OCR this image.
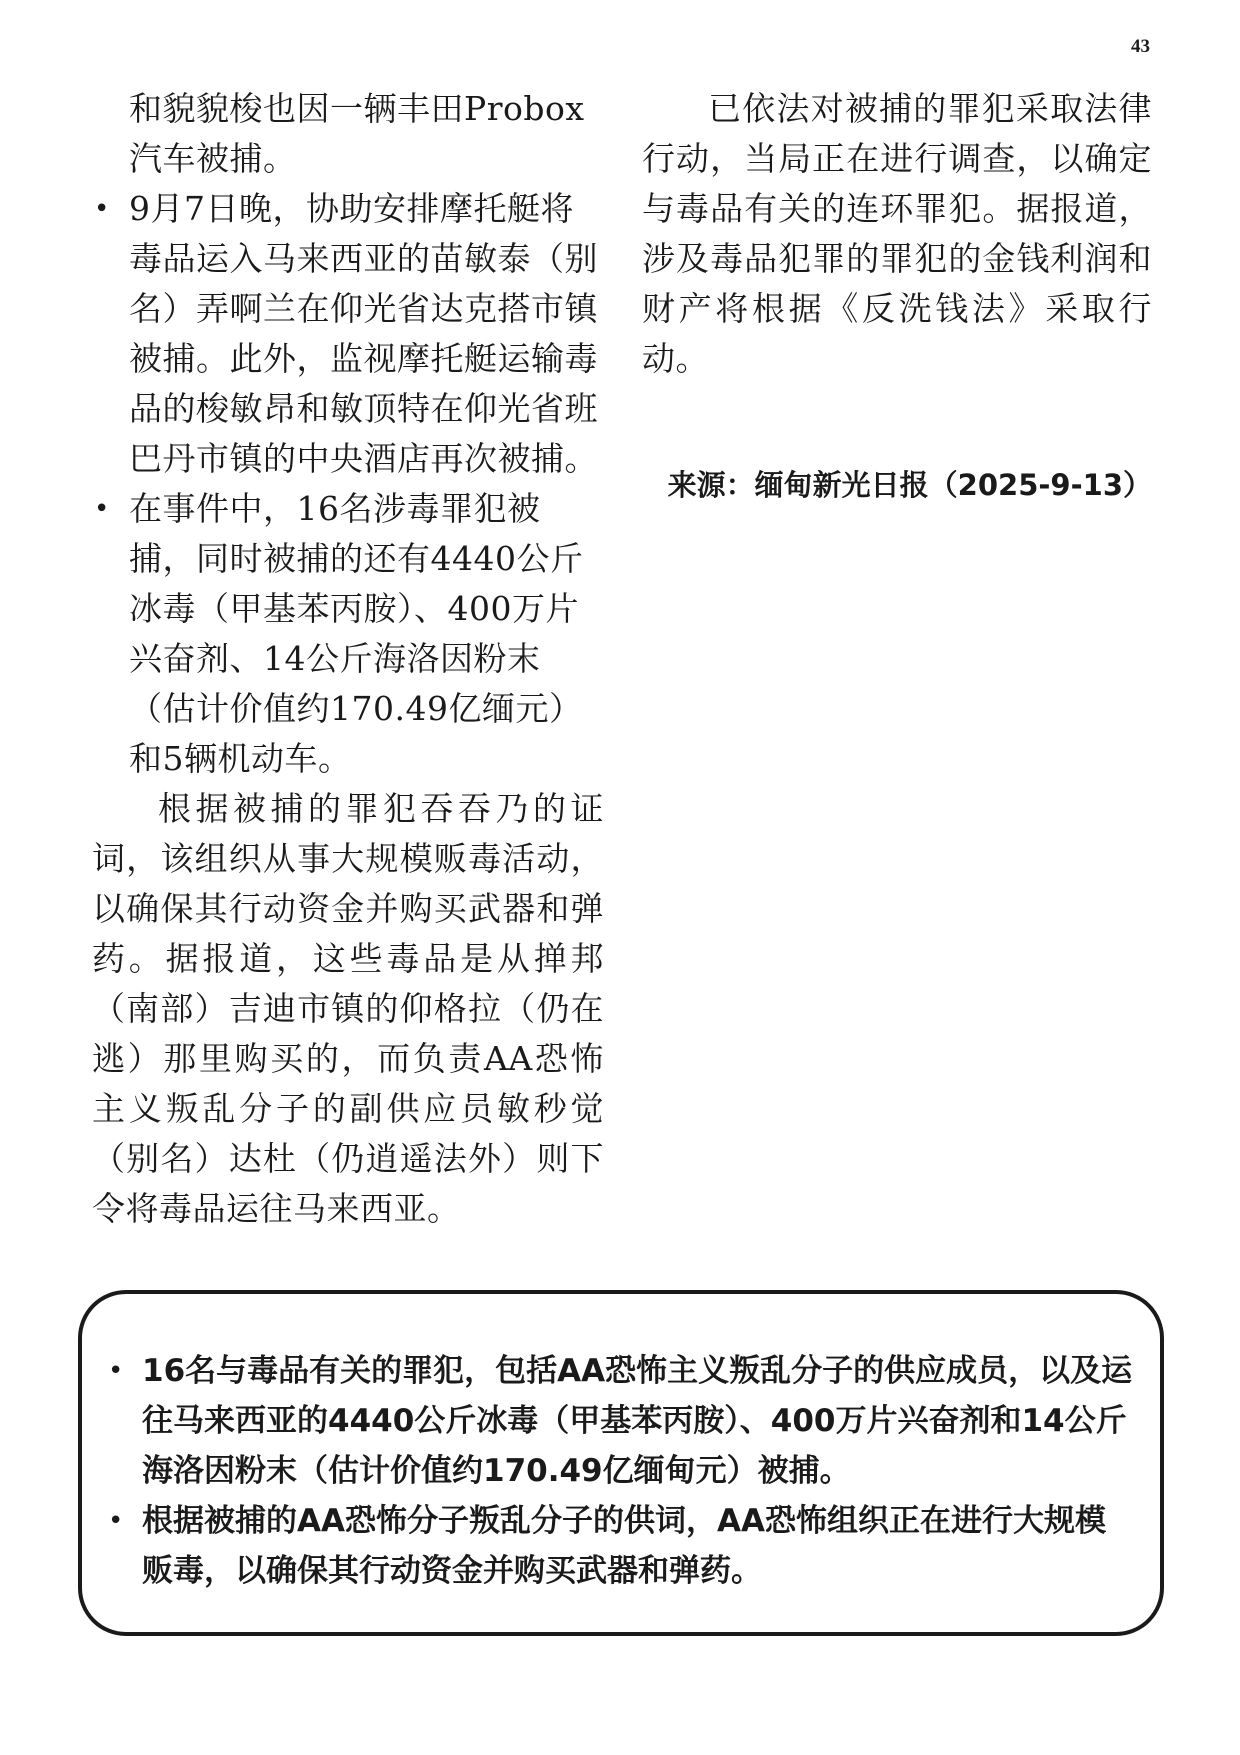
43

和貌貌梭也因一辆丰田Probox汽车被捕。

• 9月7日晚，协助安排摩托艇将毒品运入马来西亚的苗敏泰（别名）弄啊兰在仰光省达克搭市镇被捕。此外，监视摩托艇运输毒品的梭敏昂和敏顶特在仰光省班巴丹市镇的中央酒店再次被捕。
• 在事件中，16名涉毒罪犯被捕，同时被捕的还有4440公斤冰毒（甲基苯丙胺）、400万片兴奋剂、14公斤海洛因粉末（估计价值约170.49亿缅元）和5辆机动车。

根据被捕的罪犯吞吞乃的证词，该组织从事大规模贩毒活动，以确保其行动资金并购买武器和弹药。据报道，这些毒品是从掸邦（南部）吉迪市镇的仰格拉（仍在逃）那里购买的，而负责AA恐怖主义叛乱分子的副供应员敏秒觉（别名）达杜（仍逍遥法外）则下令将毒品运往马来西亚。

已依法对被捕的罪犯采取法律行动，当局正在进行调查，以确定与毒品有关的连环罪犯。据报道，涉及毒品犯罪的罪犯的金钱利润和财产将根据《反洗钱法》采取行动。

来源：缅甸新光日报（2025-9-13）

• 16名与毒品有关的罪犯，包括AA恐怖主义叛乱分子的供应成员，以及运往马来西亚的4440公斤冰毒（甲基苯丙胺）、400万片兴奋剂和14公斤海洛因粉末（估计价值约170.49亿缅甸元）被捕。
• 根据被捕的AA恐怖分子叛乱分子的供词，AA恐怖组织正在进行大规模贩毒，以确保其行动资金并购买武器和弹药。
